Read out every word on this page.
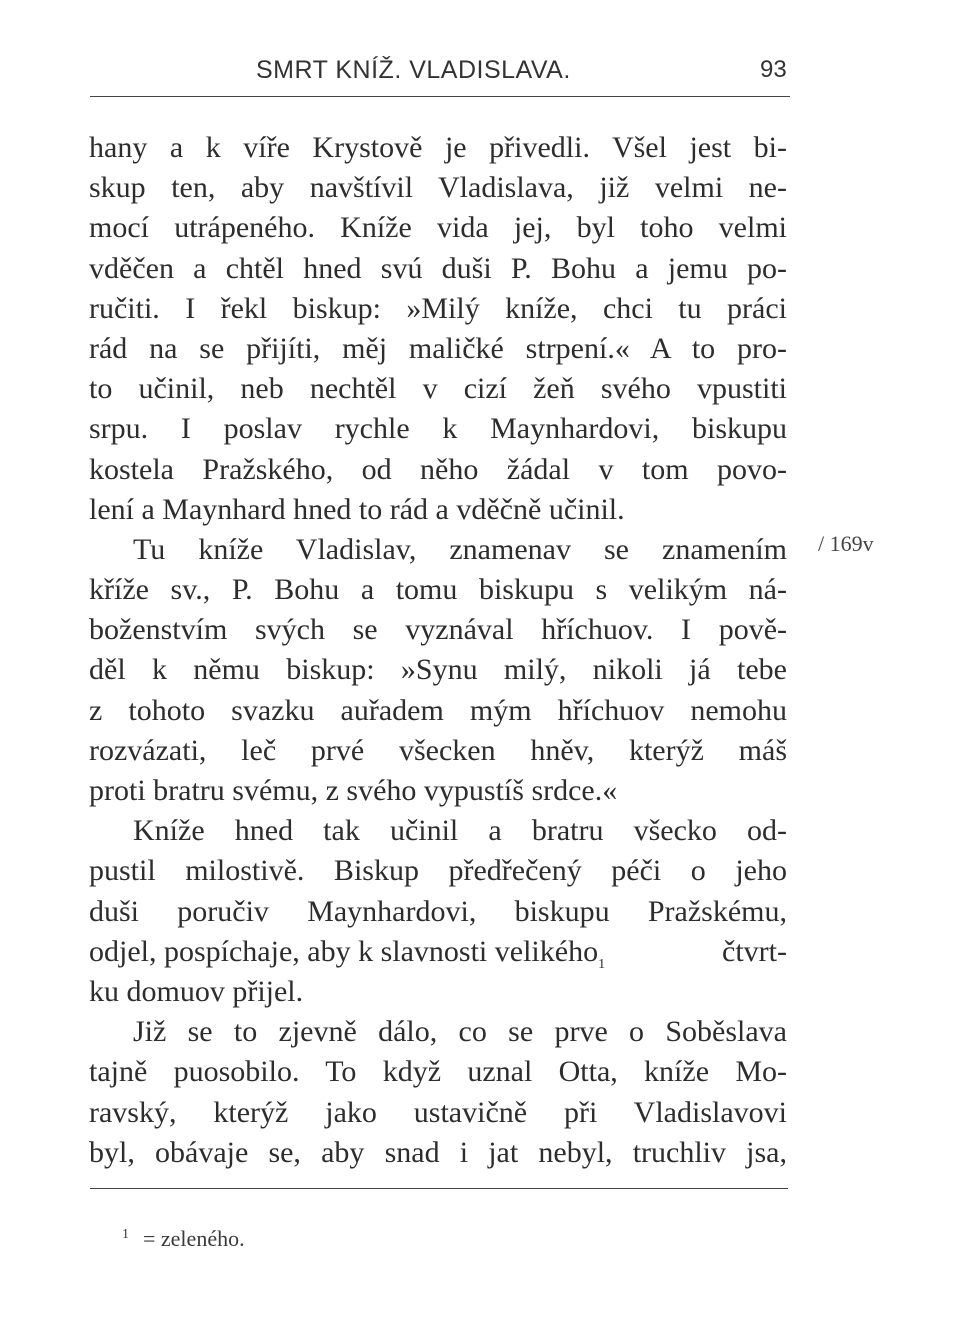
SMRT KNÍŽ. VLADISLAVA.	93
hany a k víře Krystově je přivedli. Všel jest bi-
skup ten, aby navštívil Vladislava, již velmi ne-
mocí utrápeného. Kníže vida jej, byl toho velmi
vděčen a chtěl hned svú duši P. Bohu a jemu po-
ručiti. I řekl biskup: »Milý kníže, chci tu práci
rád na se přijíti, měj maličké strpení.« A to pro-
to učinil, neb nechtěl v cizí žeň svého vpustiti
srpu. I poslav rychle k Maynhardovi, biskupu
kostela Pražského, od něho žádal v tom povo-
lení a Maynhard hned to rád a vděčně učinil.
Tu kníže Vladislav, znamenav se znamením
kříže sv., P. Bohu a tomu biskupu s velikým ná-
boženstvím svých se vyznával hříchuov. I pově-
děl k němu biskup: »Synu milý, nikoli já tebe
z tohoto svazku auřadem mým hříchuov nemohu
rozvázati, leč prvé všecken hněv, kterýž máš
proti bratru svému, z svého vypustíš srdce.«
Kníže hned tak učinil a bratru všecko od-
pustil milostivě. Biskup předřečený péči o jeho
duši poručiv Maynhardovi, biskupu Pražskému,
odjel, pospíchaje, aby k slavnosti velikého$_1$	čtvrt-
ku domuov přijel.
Již se to zjevně dálo, co se prve o Soběslava
tajně puosobilo. To když uznal Otta, kníže Mo-
ravský, kterýž jako ustavičně při Vladislavovi
byl, obávaje se, aby snad i jat nebyl, truchliv jsa,
/ 169v
$^1$ = zeleného.
